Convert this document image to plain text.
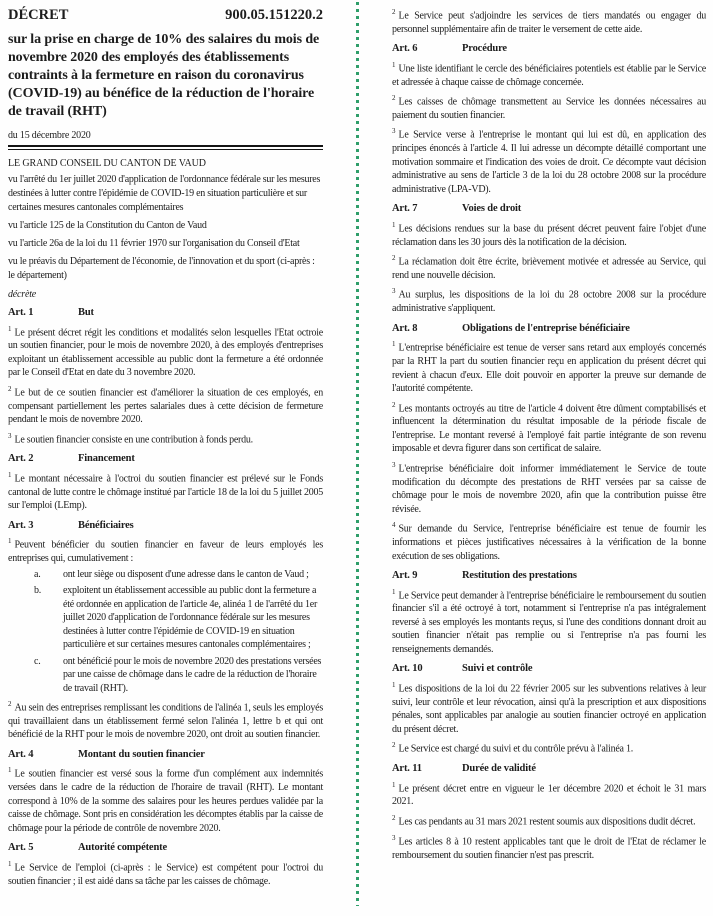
DÉCRET	900.05.151220.2
sur la prise en charge de 10% des salaires du mois de novembre 2020 des employés des établissements contraints à la fermeture en raison du coronavirus (COVID-19) au bénéfice de la réduction de l'horaire de travail (RHT)
du 15 décembre 2020
LE GRAND CONSEIL DU CANTON DE VAUD

vu l'arrêté du 1er juillet 2020 d'application de l'ordonnance fédérale sur les mesures destinées à lutter contre l'épidémie de COVID-19 en situation particulière et sur certaines mesures cantonales complémentaires

vu l'article 125 de la Constitution du Canton de Vaud

vu l'article 26a de la loi du 11 février 1970 sur l'organisation du Conseil d'Etat

vu le préavis du Département de l'économie, de l'innovation et du sport (ci-après : le département)

décrète
Art. 1	But

$^1$ Le présent décret régit les conditions et modalités selon lesquelles l'Etat octroie un soutien financier, pour le mois de novembre 2020, à des employés d'entreprises exploitant un établissement accessible au public dont la fermeture a été ordonnée par le Conseil d'Etat en date du 3 novembre 2020.

$^2$ Le but de ce soutien financier est d'améliorer la situation de ces employés, en compensant partiellement les pertes salariales dues à cette décision de fermeture pendant le mois de novembre 2020.

$^3$ Le soutien financier consiste en une contribution à fonds perdu.

Art. 2	Financement

$^1$ Le montant nécessaire à l'octroi du soutien financier est prélevé sur le Fonds cantonal de lutte contre le chômage institué par l'article 18 de la loi du 5 juillet 2005 sur l'emploi (LEmp).

Art. 3	Bénéficiaires

$^1$ Peuvent bénéficier du soutien financier en faveur de leurs employés les entreprises qui, cumulativement :

a.	ont leur siège ou disposent d'une adresse dans le canton de Vaud ;
b.	exploitent un établissement accessible au public dont la fermeture a été ordonnée en application de l'article 4e, alinéa 1 de l'arrêté du 1er juillet 2020 d'application de l'ordonnance fédérale sur les mesures destinées à lutter contre l'épidémie de COVID-19 en situation particulière et sur certaines mesures cantonales complémentaires ;
c.	ont bénéficié pour le mois de novembre 2020 des prestations versées par une caisse de chômage dans le cadre de la réduction de l'horaire de travail (RHT).

$^2$ Au sein des entreprises remplissant les conditions de l'alinéa 1, seuls les employés qui travaillaient dans un établissement fermé selon l'alinéa 1, lettre b et qui ont bénéficié de la RHT pour le mois de novembre 2020, ont droit au soutien financier.

Art. 4	Montant du soutien financier

$^1$ Le soutien financier est versé sous la forme d'un complément aux indemnités versées dans le cadre de la réduction de l'horaire de travail (RHT). Le montant correspond à 10% de la somme des salaires pour les heures perdues validée par la caisse de chômage. Sont pris en considération les décomptes établis par la caisse de chômage pour la période de contrôle de novembre 2020.

Art. 5	Autorité compétente

$^1$ Le Service de l'emploi (ci-après : le Service) est compétent pour l'octroi du soutien financier ; il est aidé dans sa tâche par les caisses de chômage.

$^2$ Le Service peut s'adjoindre les services de tiers mandatés ou engager du personnel supplémentaire afin de traiter le versement de cette aide.

Art. 6	Procédure

$^1$ Une liste identifiant le cercle des bénéficiaires potentiels est établie par le Service et adressée à chaque caisse de chômage concernée.

$^2$ Les caisses de chômage transmettent au Service les données nécessaires au paiement du soutien financier.

$^3$ Le Service verse à l'entreprise le montant qui lui est dû, en application des principes énoncés à l'article 4. Il lui adresse un décompte détaillé comportant une motivation sommaire et l'indication des voies de droit. Ce décompte vaut décision administrative au sens de l'article 3 de la loi du 28 octobre 2008 sur la procédure administrative (LPA-VD).

Art. 7	Voies de droit

$^1$ Les décisions rendues sur la base du présent décret peuvent faire l'objet d'une réclamation dans les 30 jours dès la notification de la décision.

$^2$ La réclamation doit être écrite, brièvement motivée et adressée au Service, qui rend une nouvelle décision.

$^3$ Au surplus, les dispositions de la loi du 28 octobre 2008 sur la procédure administrative s'appliquent.

Art. 8	Obligations de l'entreprise bénéficiaire

$^1$ L'entreprise bénéficiaire est tenue de verser sans retard aux employés concernés par la RHT la part du soutien financier reçu en application du présent décret qui revient à chacun d'eux. Elle doit pouvoir en apporter la preuve sur demande de l'autorité compétente.

$^2$ Les montants octroyés au titre de l'article 4 doivent être dûment comptabilisés et influencent la détermination du résultat imposable de la période fiscale de l'entreprise. Le montant reversé à l'employé fait partie intégrante de son revenu imposable et devra figurer dans son certificat de salaire.

$^3$ L'entreprise bénéficiaire doit informer immédiatement le Service de toute modification du décompte des prestations de RHT versées par sa caisse de chômage pour le mois de novembre 2020, afin que la contribution puisse être révisée.

$^4$ Sur demande du Service, l'entreprise bénéficiaire est tenue de fournir les informations et pièces justificatives nécessaires à la vérification de la bonne exécution de ses obligations.

Art. 9	Restitution des prestations

$^1$ Le Service peut demander à l'entreprise bénéficiaire le remboursement du soutien financier s'il a été octroyé à tort, notamment si l'entreprise n'a pas intégralement reversé à ses employés les montants reçus, si l'une des conditions donnant droit au soutien financier n'était pas remplie ou si l'entreprise n'a pas fourni les renseignements demandés.

Art. 10	Suivi et contrôle

$^1$ Les dispositions de la loi du 22 février 2005 sur les subventions relatives à leur suivi, leur contrôle et leur révocation, ainsi qu'à la prescription et aux dispositions pénales, sont applicables par analogie au soutien financier octroyé en application du présent décret.

$^2$ Le Service est chargé du suivi et du contrôle prévu à l'alinéa 1.

Art. 11	Durée de validité

$^1$ Le présent décret entre en vigueur le 1er décembre 2020 et échoit le 31 mars 2021.

$^2$ Les cas pendants au 31 mars 2021 restent soumis aux dispositions dudit décret.

$^3$ Les articles 8 à 10 restent applicables tant que le droit de l'Etat de réclamer le remboursement du soutien financier n'est pas prescrit.
